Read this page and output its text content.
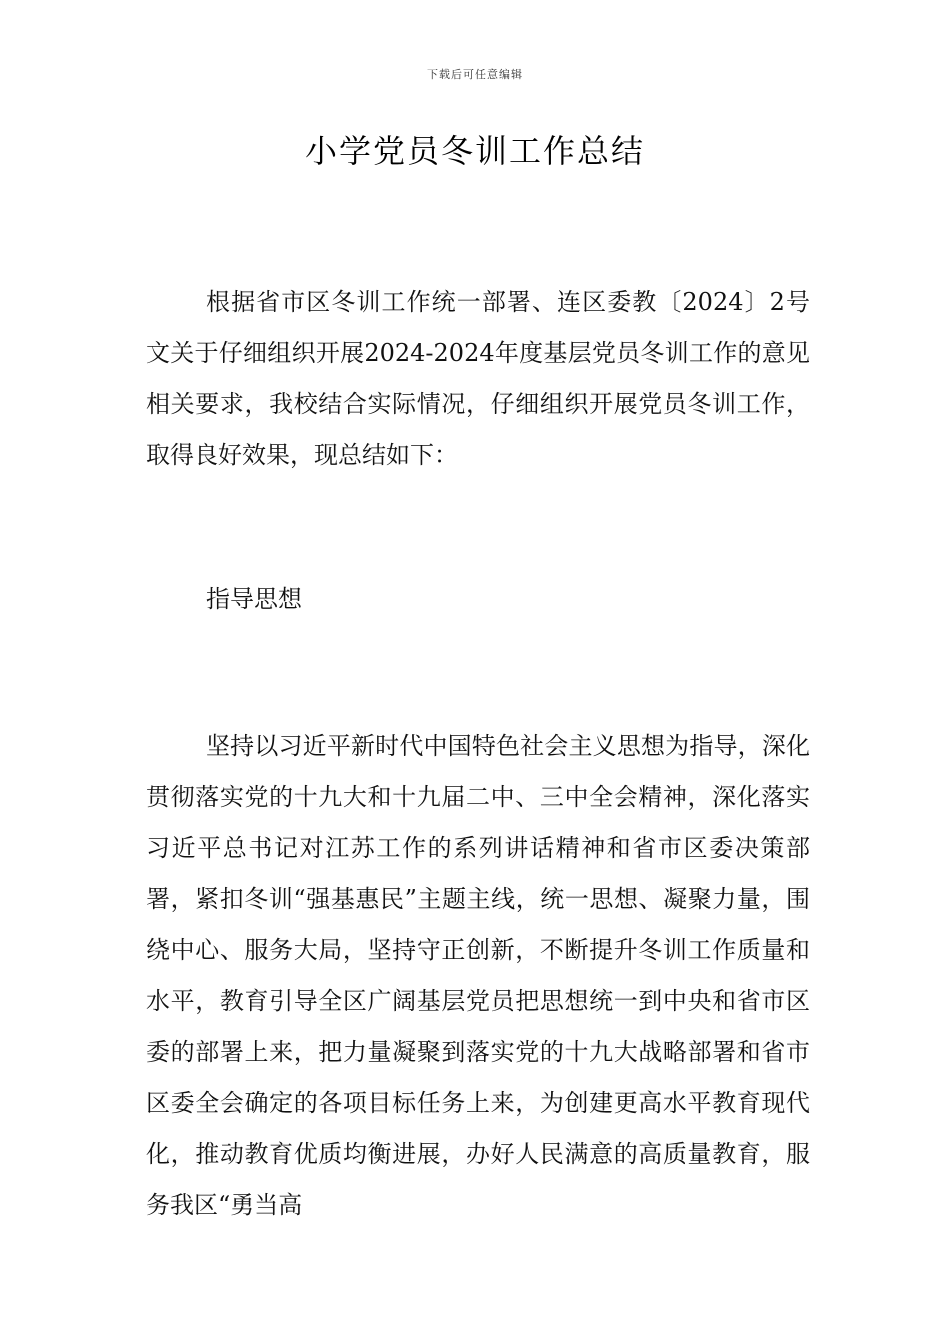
下载后可任意编辑
小学党员冬训工作总结

根据省市区冬训工作统一部署、连区委教〔2024〕2号文关于仔细组织开展2024-2024年度基层党员冬训工作的意见相关要求，我校结合实际情况，仔细组织开展党员冬训工作，取得良好效果，现总结如下：

指导思想

坚持以习近平新时代中国特色社会主义思想为指导，深化贯彻落实党的十九大和十九届二中、三中全会精神，深化落实习近平总书记对江苏工作的系列讲话精神和省市区委决策部署，紧扣冬训“强基惠民”主题主线，统一思想、凝聚力量，围绕中心、服务大局，坚持守正创新，不断提升冬训工作质量和水平，教育引导全区广阔基层党员把思想统一到中央和省市区委的部署上来，把力量凝聚到落实党的十九大战略部署和省市区委全会确定的各项目标任务上来，为创建更高水平教育现代化，推动教育优质均衡进展，办好人民满意的高质量教育，服务我区“勇当高
